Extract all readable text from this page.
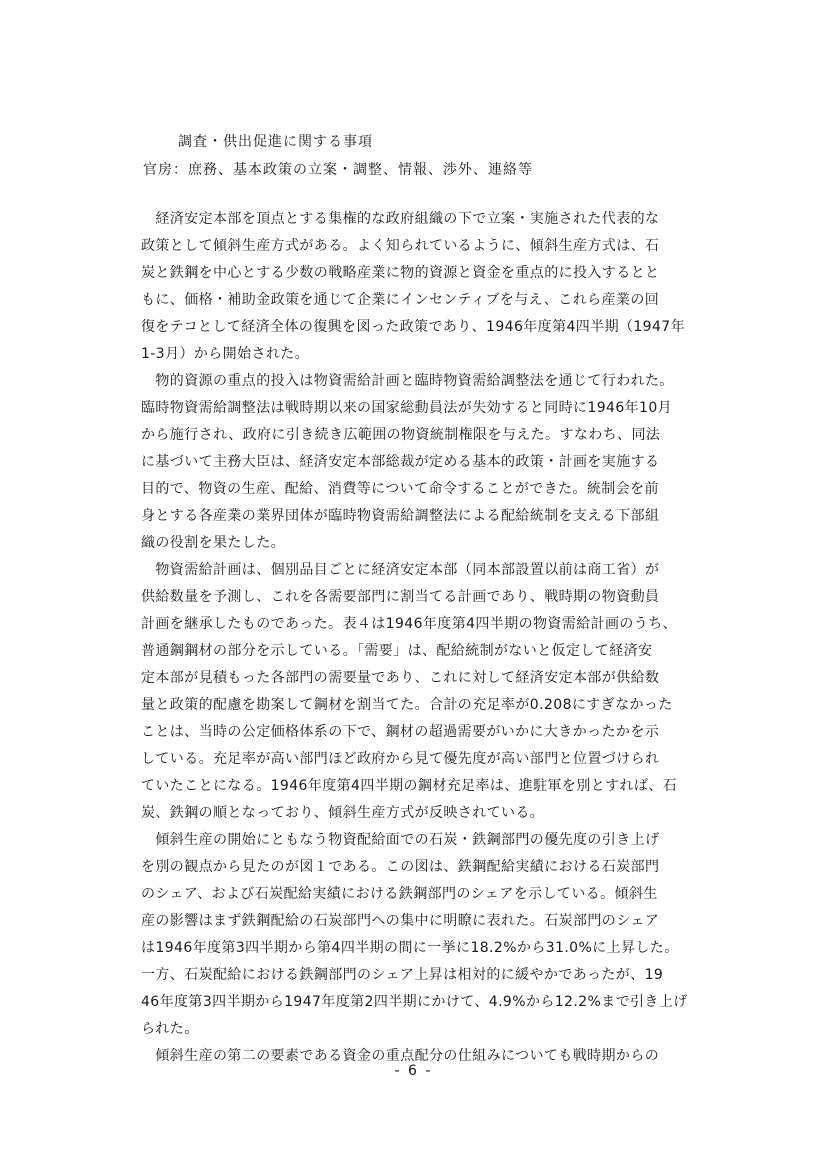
調査・供出促進に関する事項
官房：庶務、基本政策の立案・調整、情報、渉外、連絡等
　経済安定本部を頂点とする集権的な政府組織の下で立案・実施された代表的な
政策として傾斜生産方式がある。よく知られているように、傾斜生産方式は、石
炭と鉄鋼を中心とする少数の戦略産業に物的資源と資金を重点的に投入するとと
もに、価格・補助金政策を通じて企業にインセンティブを与え、これら産業の回
復をテコとして経済全体の復興を図った政策であり、1946年度第4四半期（1947年
1-3月）から開始された。
　物的資源の重点的投入は物資需給計画と臨時物資需給調整法を通じて行われた。
臨時物資需給調整法は戦時期以来の国家総動員法が失効すると同時に1946年10月
から施行され、政府に引き続き広範囲の物資統制権限を与えた。すなわち、同法
に基づいて主務大臣は、経済安定本部総裁が定める基本的政策・計画を実施する
目的で、物資の生産、配給、消費等について命令することができた。統制会を前
身とする各産業の業界団体が臨時物資需給調整法による配給統制を支える下部組
織の役割を果たした。
　物資需給計画は、個別品目ごとに経済安定本部（同本部設置以前は商工省）が
供給数量を予測し、これを各需要部門に割当てる計画であり、戦時期の物資動員
計画を継承したものであった。表４は1946年度第4四半期の物資需給計画のうち、
普通鋼鋼材の部分を示している。「需要」は、配給統制がないと仮定して経済安
定本部が見積もった各部門の需要量であり、これに対して経済安定本部が供給数
量と政策的配慮を勘案して鋼材を割当てた。合計の充足率が0.208にすぎなかった
ことは、当時の公定価格体系の下で、鋼材の超過需要がいかに大きかったかを示
している。充足率が高い部門ほど政府から見て優先度が高い部門と位置づけられ
ていたことになる。1946年度第4四半期の鋼材充足率は、進駐軍を別とすれば、石
炭、鉄鋼の順となっており、傾斜生産方式が反映されている。
　傾斜生産の開始にともなう物資配給面での石炭・鉄鋼部門の優先度の引き上げ
を別の観点から見たのが図１である。この図は、鉄鋼配給実績における石炭部門
のシェア、および石炭配給実績における鉄鋼部門のシェアを示している。傾斜生
産の影響はまず鉄鋼配給の石炭部門への集中に明瞭に表れた。石炭部門のシェア
は1946年度第3四半期から第4四半期の間に一挙に18.2%から31.0%に上昇した。
一方、石炭配給における鉄鋼部門のシェア上昇は相対的に緩やかであったが、19
46年度第3四半期から1947年度第2四半期にかけて、4.9%から12.2%まで引き上げ
られた。
　傾斜生産の第二の要素である資金の重点配分の仕組みについても戦時期からの
- 6 -
